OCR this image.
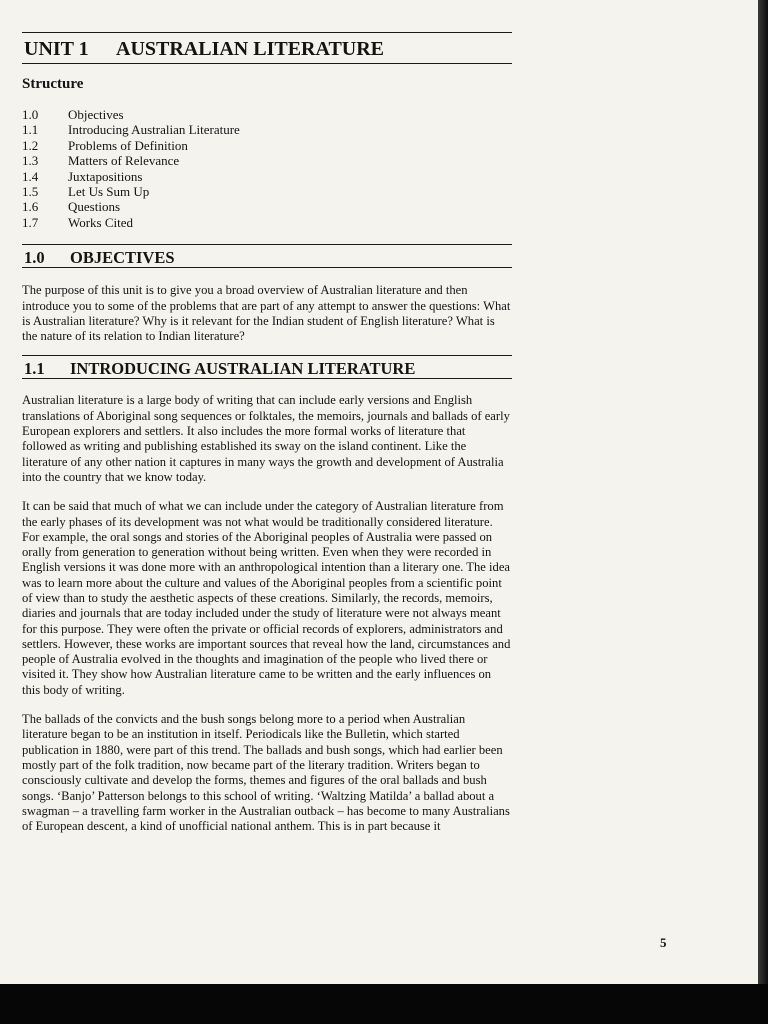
UNIT 1 AUSTRALIAN LITERATURE
Structure
1.0	Objectives
1.1	Introducing Australian Literature
1.2	Problems of Definition
1.3	Matters of Relevance
1.4	Juxtapositions
1.5	Let Us Sum Up
1.6	Questions
1.7	Works Cited
1.0 OBJECTIVES

The purpose of this unit is to give you a broad overview of Australian literature and then introduce you to some of the problems that are part of any attempt to answer the questions: What is Australian literature? Why is it relevant for the Indian student of English literature? What is the nature of its relation to Indian literature?

1.1 INTRODUCING AUSTRALIAN LITERATURE

Australian literature is a large body of writing that can include early versions and English translations of Aboriginal song sequences or folktales, the memoirs, journals and ballads of early European explorers and settlers. It also includes the more formal works of literature that followed as writing and publishing established its sway on the island continent. Like the literature of any other nation it captures in many ways the growth and development of Australia into the country that we know today.

It can be said that much of what we can include under the category of Australian literature from the early phases of its development was not what would be traditionally considered literature. For example, the oral songs and stories of the Aboriginal peoples of Australia were passed on orally from generation to generation without being written. Even when they were recorded in English versions it was done more with an anthropological intention than a literary one. The idea was to learn more about the culture and values of the Aboriginal peoples from a scientific point of view than to study the aesthetic aspects of these creations. Similarly, the records, memoirs, diaries and journals that are today included under the study of literature were not always meant for this purpose. They were often the private or official records of explorers, administrators and settlers. However, these works are important sources that reveal how the land, circumstances and people of Australia evolved in the thoughts and imagination of the people who lived there or visited it. They show how Australian literature came to be written and the early influences on this body of writing.

The ballads of the convicts and the bush songs belong more to a period when Australian literature began to be an institution in itself. Periodicals like the Bulletin, which started publication in 1880, were part of this trend. The ballads and bush songs, which had earlier been mostly part of the folk tradition, now became part of the literary tradition. Writers began to consciously cultivate and develop the forms, themes and figures of the oral ballads and bush songs. ‘Banjo’ Patterson belongs to this school of writing. ‘Waltzing Matilda’ a ballad about a swagman – a travelling farm worker in the Australian outback – has become to many Australians of European descent, a kind of unofficial national anthem. This is in part because it

5
